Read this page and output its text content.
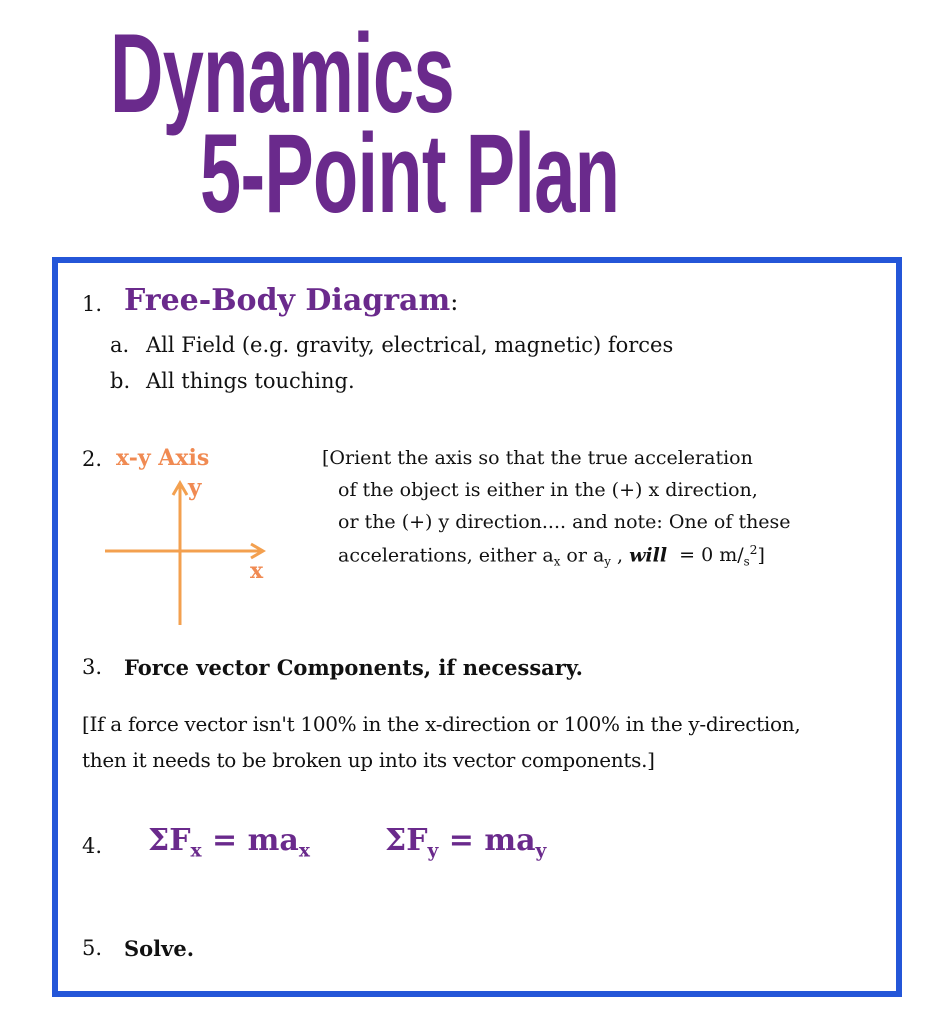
Dynamics
5-Point Plan
1. Free-Body Diagram:
a. All Field (e.g. gravity, electrical, magnetic) forces
b. All things touching.
2. x-y Axis
y
x
[Orient the axis so that the true acceleration
of the object is either in the (+) x direction,
or the (+) y direction.... and note: One of these
accelerations, either $a_x$ or $a_y$ , will = 0 $m/_s^2$]
3. Force vector Components, if necessary.
[If a force vector isn't 100% in the x-direction or 100% in the y-direction,
then it needs to be broken up into its vector components.]
4. $\Sigma F_x = ma_x$	$\Sigma F_y = ma_y$
5. Solve.
